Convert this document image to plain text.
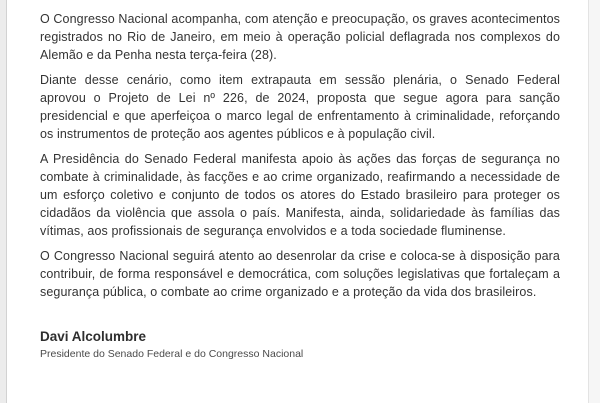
O Congresso Nacional acompanha, com atenção e preocupação, os graves acontecimentos registrados no Rio de Janeiro, em meio à operação policial deflagrada nos complexos do Alemão e da Penha nesta terça-feira (28).

Diante desse cenário, como item extrapauta em sessão plenária, o Senado Federal aprovou o Projeto de Lei nº 226, de 2024, proposta que segue agora para sanção presidencial e que aperfeiçoa o marco legal de enfrentamento à criminalidade, reforçando os instrumentos de proteção aos agentes públicos e à população civil.

A Presidência do Senado Federal manifesta apoio às ações das forças de segurança no combate à criminalidade, às facções e ao crime organizado, reafirmando a necessidade de um esforço coletivo e conjunto de todos os atores do Estado brasileiro para proteger os cidadãos da violência que assola o país. Manifesta, ainda, solidariedade às famílias das vítimas, aos profissionais de segurança envolvidos e a toda sociedade fluminense.

O Congresso Nacional seguirá atento ao desenrolar da crise e coloca-se à disposição para contribuir, de forma responsável e democrática, com soluções legislativas que fortaleçam a segurança pública, o combate ao crime organizado e a proteção da vida dos brasileiros.

Davi Alcolumbre
Presidente do Senado Federal e do Congresso Nacional
